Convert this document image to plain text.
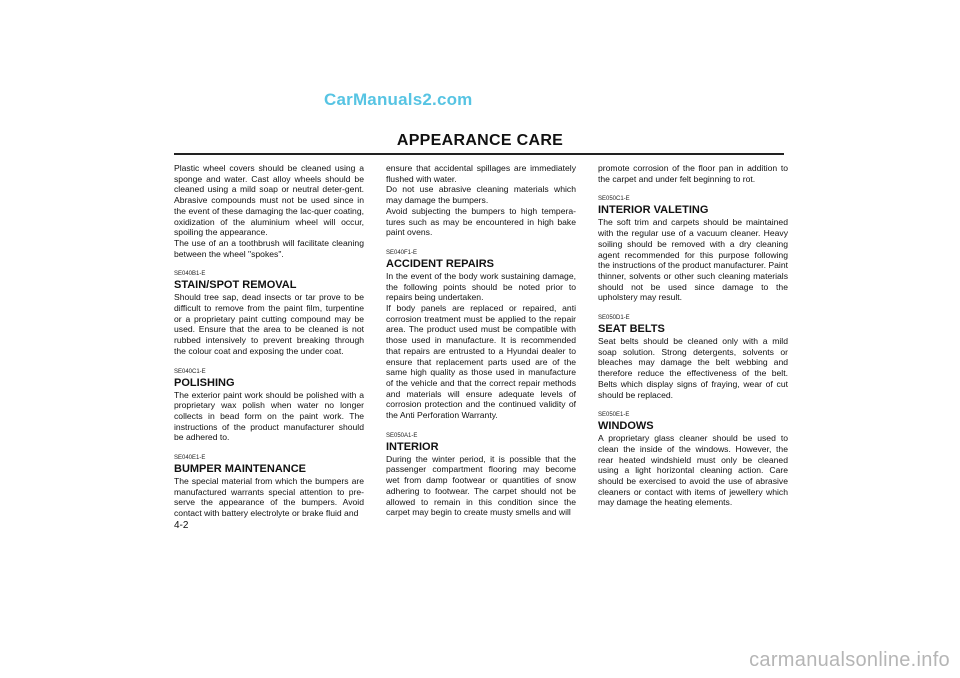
CarManuals2.com
APPEARANCE CARE

Plastic wheel covers should be cleaned using a sponge and water. Cast alloy wheels should be cleaned using a mild soap or neutral deter-gent. Abrasive compounds must not be used since in the event of these damaging the lac-quer coating, oxidization of the aluminium wheel will occur, spoiling the appearance.

The use of an a toothbrush will facilitate cleaning between the wheel "spokes".

SE040B1-E
STAIN/SPOT REMOVAL

Should tree sap, dead insects or tar prove to be difficult to remove from the paint film, turpentine or a proprietary paint cutting compound may be used. Ensure that the area to be cleaned is not rubbed intensively to prevent breaking through the colour coat and exposing the under coat.

SE040C1-E
POLISHING

The exterior paint work should be polished with a proprietary wax polish when water no longer collects in bead form on the paint work. The instructions of the product manufacturer should be adhered to.

SE040E1-E
BUMPER MAINTENANCE

The special material from which the bumpers are manufactured warrants special attention to pre-serve the appearance of the bumpers. Avoid contact with battery electrolyte or brake fluid and

ensure that accidental spillages are immediately flushed with water.

Do not use abrasive cleaning materials which may damage the bumpers.

Avoid subjecting the bumpers to high tempera-tures such as may be encountered in high bake paint ovens.

SE040F1-E
ACCIDENT REPAIRS

In the event of the body work sustaining damage, the following points should be noted prior to repairs being undertaken.

If body panels are replaced or repaired, anti corrosion treatment must be applied to the repair area. The product used must be compatible with those used in manufacture. It is recommended that repairs are entrusted to a Hyundai dealer to ensure that replacement parts used are of the same high quality as those used in manufacture of the vehicle and that the correct repair methods and materials will ensure adequate levels of corrosion protection and the continued validity of the Anti Perforation Warranty.

SE050A1-E
INTERIOR

During the winter period, it is possible that the passenger compartment flooring may become wet from damp footwear or quantities of snow adhering to footwear. The carpet should not be allowed to remain in this condition since the carpet may begin to create musty smells and will

promote corrosion of the floor pan in addition to the carpet and under felt beginning to rot.

SE050C1-E
INTERIOR VALETING

The soft trim and carpets should be maintained with the regular use of a vacuum cleaner. Heavy soiling should be removed with a dry cleaning agent recommended for this purpose following the instructions of the product manufacturer. Paint thinner, solvents or other such cleaning materials should not be used since damage to the upholstery may result.

SE050D1-E
SEAT BELTS

Seat belts should be cleaned only with a mild soap solution. Strong detergents, solvents or bleaches may damage the belt webbing and therefore reduce the effectiveness of the belt. Belts which display signs of fraying, wear of cut should be replaced.

SE050E1-E
WINDOWS

A proprietary glass cleaner should be used to clean the inside of the windows. However, the rear heated windshield must only be cleaned using a light horizontal cleaning action. Care should be exercised to avoid the use of abrasive cleaners or contact with items of jewellery which may damage the heating elements.

4-2
carmanualsonline.info
